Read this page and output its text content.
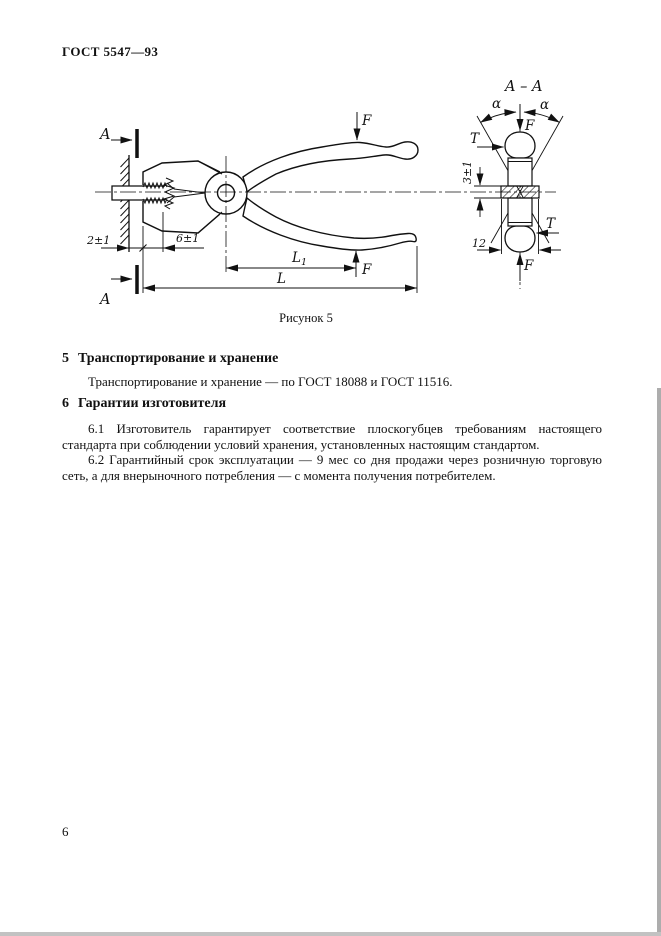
ГОСТ 5547—93
A
A
F
F
2±1	6±1
$L_1$
L
A – A
α	α
F
F
T
T
3±1
12
Рисунок 5
5 Транспортирование и хранение
Транспортирование и хранение — по ГОСТ 18088 и ГОСТ 11516.
6 Гарантии изготовителя
6.1 Изготовитель гарантирует соответствие плоскогубцев требованиям настоящего стандарта при соблюдении условий хранения, установленных настоящим стандартом.
6.2 Гарантийный срок эксплуатации — 9 мес со дня продажи через розничную торговую сеть, а для внерыночного потребления — с момента получения потребителем.
6
